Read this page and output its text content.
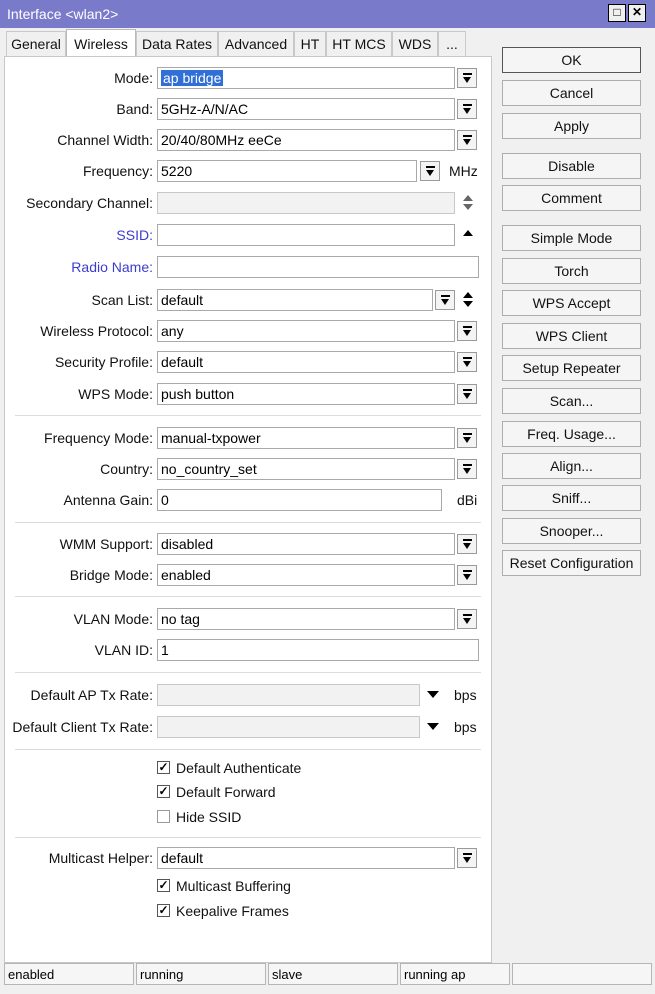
Interface <wlan2>	□ ✕
General Wireless	Data Rates Advanced HT HT MCS WDS	...
Mode: ap bridge
Band: 5GHz-A/N/AC
Channel Width: 20/40/80MHz eeCe
Frequency: 5220	MHz
Secondary Channel:
SSID:
Radio Name:
Scan List: default
Wireless Protocol: any
Security Profile: default
WPS Mode: push button
Frequency Mode: manual-txpower
Country: no_country_set
Antenna Gain: 0	dBi
WMM Support: disabled
Bridge Mode: enabled
VLAN Mode: no tag
VLAN ID: 1
Default AP Tx Rate:	bps
Default Client Tx Rate:	bps
✓ Default Authenticate
✓ Default Forward
Hide SSID
Multicast Helper: default
✓ Multicast Buffering
✓ Keepalive Frames
OK
Cancel
Apply
Disable
Comment
Simple Mode
Torch
WPS Accept
WPS Client
Setup Repeater
Scan...
Freq. Usage...
Align...
Sniff...
Snooper...
Reset Configuration
enabled	running	slave	running ap
